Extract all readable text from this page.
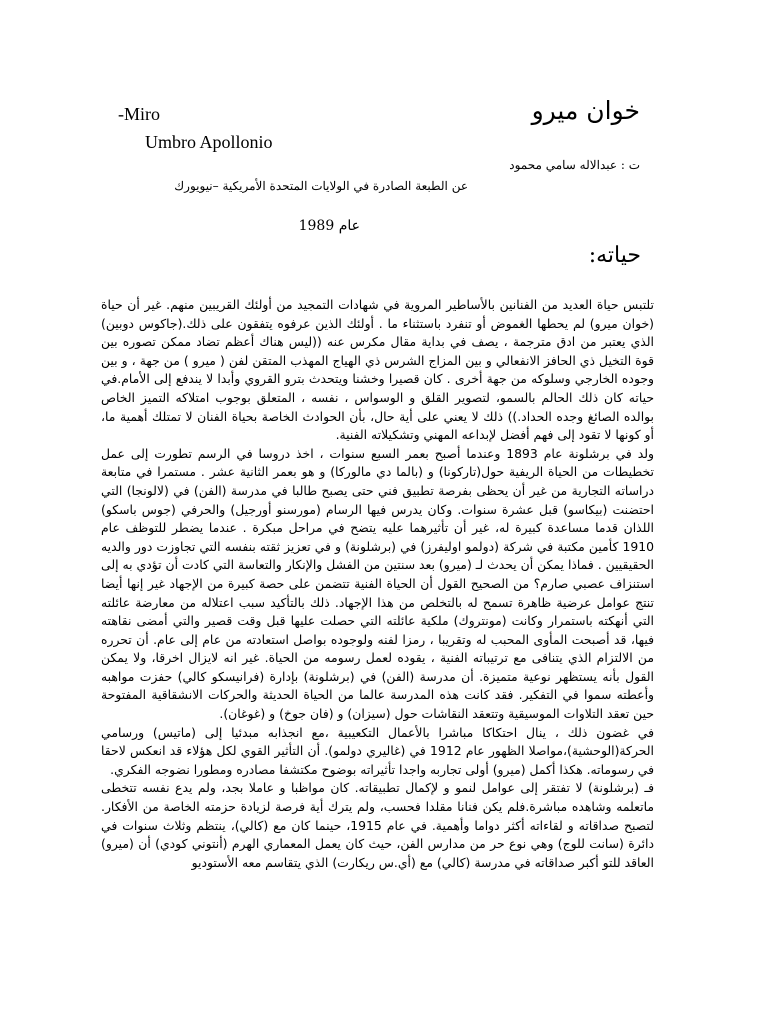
خوان ميرو
-Miro
Umbro Apollonio
ت : عبدالاله سامي محمود
عن الطبعة الصادرة في الولايات المتحدة الأمريكية –نيويورك
عام 1989
حياته:

تلتبس حياة العديد من الفنانين بالأساطير المروية في شهادات التمجيد من أولئك القريبين منهم. غير أن حياة (خوان ميرو) لم يحطها الغموض أو تنفرد باستثناء ما . أولئك الذين عرفوه يتفقون على ذلك.(جاكوس دوبين) الذي يعتبر من ادق مترجمة ، يصف في بداية مقال مكرس عنه ((ليس هناك أعظم تضاد ممكن تصوره بين قوة التخيل ذي الحافز الانفعالي و بين المزاج الشرس ذي الهياج المهذب المتقن لفن ( ميرو ) من جهة ، و بين وجوده الخارجي وسلوكه من جهة أخرى . كان قصيرا وخشنا ويتحدث بترو القروي وأبدا لا يندفع إلى الأمام.في حياته كان ذلك الحالم بالسمو، لتصوير القلق و الوسواس ، نفسه ، المتعلق بوجوب امتلاكه التميز الخاص بوالده الصائغ وجده الحداد.)) ذلك لا يعني على أية حال، بأن الحوادث الخاصة بحياة الفنان لا تمتلك أهمية ما، أو كونها لا تقود إلى فهم أفضل لإبداعه المهني وتشكيلاته الفنية.

ولد في برشلونة عام 1893 وعندما أصبح بعمر السبع سنوات ، اخذ دروسا في الرسم تطورت إلى عمل تخطيطات من الحياة الريفية حول(تاركونا) و (بالما دي مالوركا) و هو بعمر الثانية عشر . مستمرا في متابعة دراساته التجارية من غير أن يحظى بفرصة تطبيق فني حتى يصبح طالبا في مدرسة (الفن) في (لالونجا) التي احتضنت (بيكاسو) قبل عشرة سنوات. وكان يدرس فيها الرسام (مورسنو أورجيل) والحرفي (جوس باسكو) اللذان قدما مساعدة كبيرة له، غير أن تأثيرهما عليه يتضح في مراحل مبكرة . عندما يضطر للتوظف عام 1910 كأمين مكتبة في شركة (دولمو اوليفرز) في (برشلونة) و في تعزيز ثقته بنفسه التي تجاوزت دور والديه الحقيقيين . فماذا يمكن أن يحدث لـ (ميرو) بعد سنتين من الفشل والإنكار والتعاسة التي كادت أن تؤدي به إلى استنزاف عصبي صارم؟ من الصحيح القول أن الحياة الفنية تتضمن على حصة كبيرة من الإجهاد غير إنها أيضا تنتج عوامل عرضية ظاهرة تسمح له بالتخلص من هذا الإجهاد. ذلك بالتأكيد سبب اعتلاله من معارضة عائلته التي أنهكته باستمرار وكانت (مونتروك) ملكية عائلته التي حصلت عليها قبل وقت قصير والتي أمضى نقاهته فيها، قد أصبحت المأوى المحبب له وتقريبا ، رمزا لفنه ولوجوده بواصل استعادته من عام إلى عام. أن تحرره من الالتزام الذي يتنافى مع ترتيباته الفنية ، يقوده لعمل رسومه من الحياة. غير انه لايزال اخرقا، ولا يمكن القول بأنه يستظهر نوعية متميزة. أن مدرسة (الفن) في (برشلونة) بإدارة (فرانيسكو كالي) حفزت مواهبه وأعطته سموا في التفكير. فقد كانت هذه المدرسة عالما من الحياة الحديثة والحركات الانشقاقية المفتوحة حين تعقد التلاوات الموسيقية وتتعقد النقاشات حول (سيزان) و (فان جوخ) و (غوغان).

في غضون ذلك ، ينال احتكاكا مباشرا بالأعمال التكعيبية ،مع انجذابه مبدئيا إلى (ماتيس) ورسامي الحركة(الوحشية)،مواصلا الظهور عام 1912 في (غاليري دولمو). أن التأثير القوي لكل هؤلاء قد انعكس لاحقا في رسوماته. هكذا أكمل (ميرو) أولى تجاربه واجدا تأثيراته بوضوح مكتشفا مصادره ومطورا نضوجه الفكري.

فـ (برشلونة) لا تفتقر إلى عوامل لنمو و لإكمال تطبيقاته. كان مواظبا و عاملا بجد، ولم يدع نفسه تتخطى ماتعلمه وشاهده مباشرة.فلم يكن فنانا مقلدا فحسب، ولم يترك أية فرصة لزيادة حزمته الخاصة من الأفكار. لتصبح صداقاته و لقاءاته أكثر دواما وأهمية. في عام 1915، حينما كان مع (كالي)، ينتظم وثلاث سنوات في دائرة (سانت للوج) وهي نوع حر من مدارس الفن، حيث كان يعمل المعماري الهرم (أنتوني كودي) أن (ميرو) العاقد للتو أكبر صداقاته في مدرسة (كالي) مع (أي.س ريكارت) الذي يتقاسم معه الأستوديو
